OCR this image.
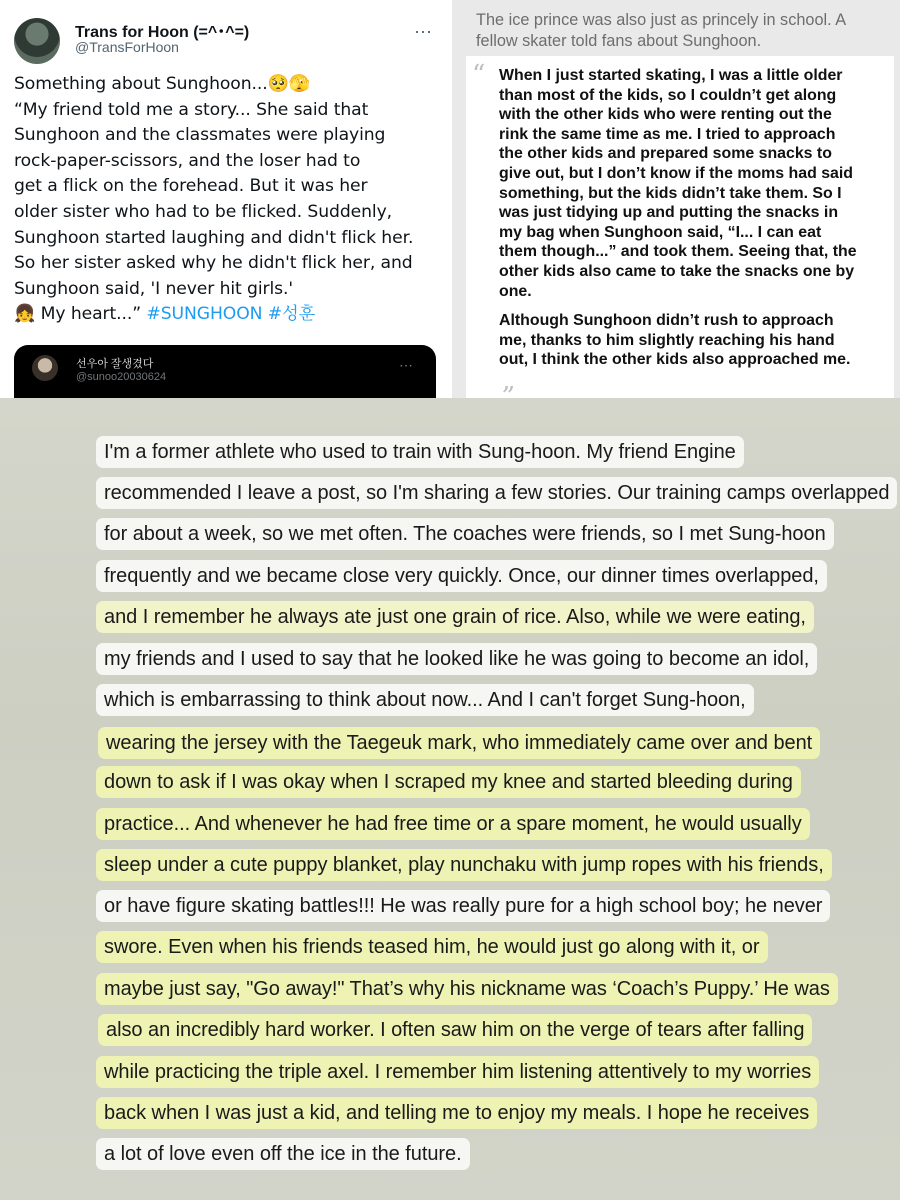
Trans for Hoon (=^･^=)
@TransForHoon
⋯
Something about Sunghoon...🥺🫣
“My friend told me a story... She said that
Sunghoon and the classmates were playing
rock-paper-scissors, and the loser had to
get a flick on the forehead. But it was her
older sister who had to be flicked. Suddenly,
Sunghoon started laughing and didn't flick her.
So her sister asked why he didn't flick her, and
Sunghoon said, 'I never hit girls.'
👧 My heart...” #SUNGHOON #성훈
선우아 잘생겼다
@sunoo20030624
⋯
The ice prince was also just as princely in school. A fellow skater told fans about Sunghoon.
“ When I just started skating, I was a little older
than most of the kids, so I couldn’t get along
with the other kids who were renting out the
rink the same time as me. I tried to approach
the other kids and prepared some snacks to
give out, but I don’t know if the moms had said
something, but the kids didn’t take them. So I
was just tidying up and putting the snacks in
my bag when Sunghoon said, “I... I can eat
them though...” and took them. Seeing that, the
other kids also came to take the snacks one by
one.
Although Sunghoon didn’t rush to approach
me, thanks to him slightly reaching his hand
out, I think the other kids also approached me.
„
I'm a former athlete who used to train with Sung-hoon. My friend Engine
recommended I leave a post, so I'm sharing a few stories. Our training camps overlapped
for about a week, so we met often. The coaches were friends, so I met Sung-hoon
frequently and we became close very quickly. Once, our dinner times overlapped,
and I remember he always ate just one grain of rice. Also, while we were eating,
my friends and I used to say that he looked like he was going to become an idol,
which is embarrassing to think about now... And I can't forget Sung-hoon,
wearing the jersey with the Taegeuk mark, who immediately came over and bent
down to ask if I was okay when I scraped my knee and started bleeding during
practice... And whenever he had free time or a spare moment, he would usually
sleep under a cute puppy blanket, play nunchaku with jump ropes with his friends,
or have figure skating battles!!! He was really pure for a high school boy; he never
swore. Even when his friends teased him, he would just go along with it, or
maybe just say, "Go away!" That’s why his nickname was ‘Coach’s Puppy.’ He was
also an incredibly hard worker. I often saw him on the verge of tears after falling
while practicing the triple axel. I remember him listening attentively to my worries
back when I was just a kid, and telling me to enjoy my meals. I hope he receives
a lot of love even off the ice in the future.
